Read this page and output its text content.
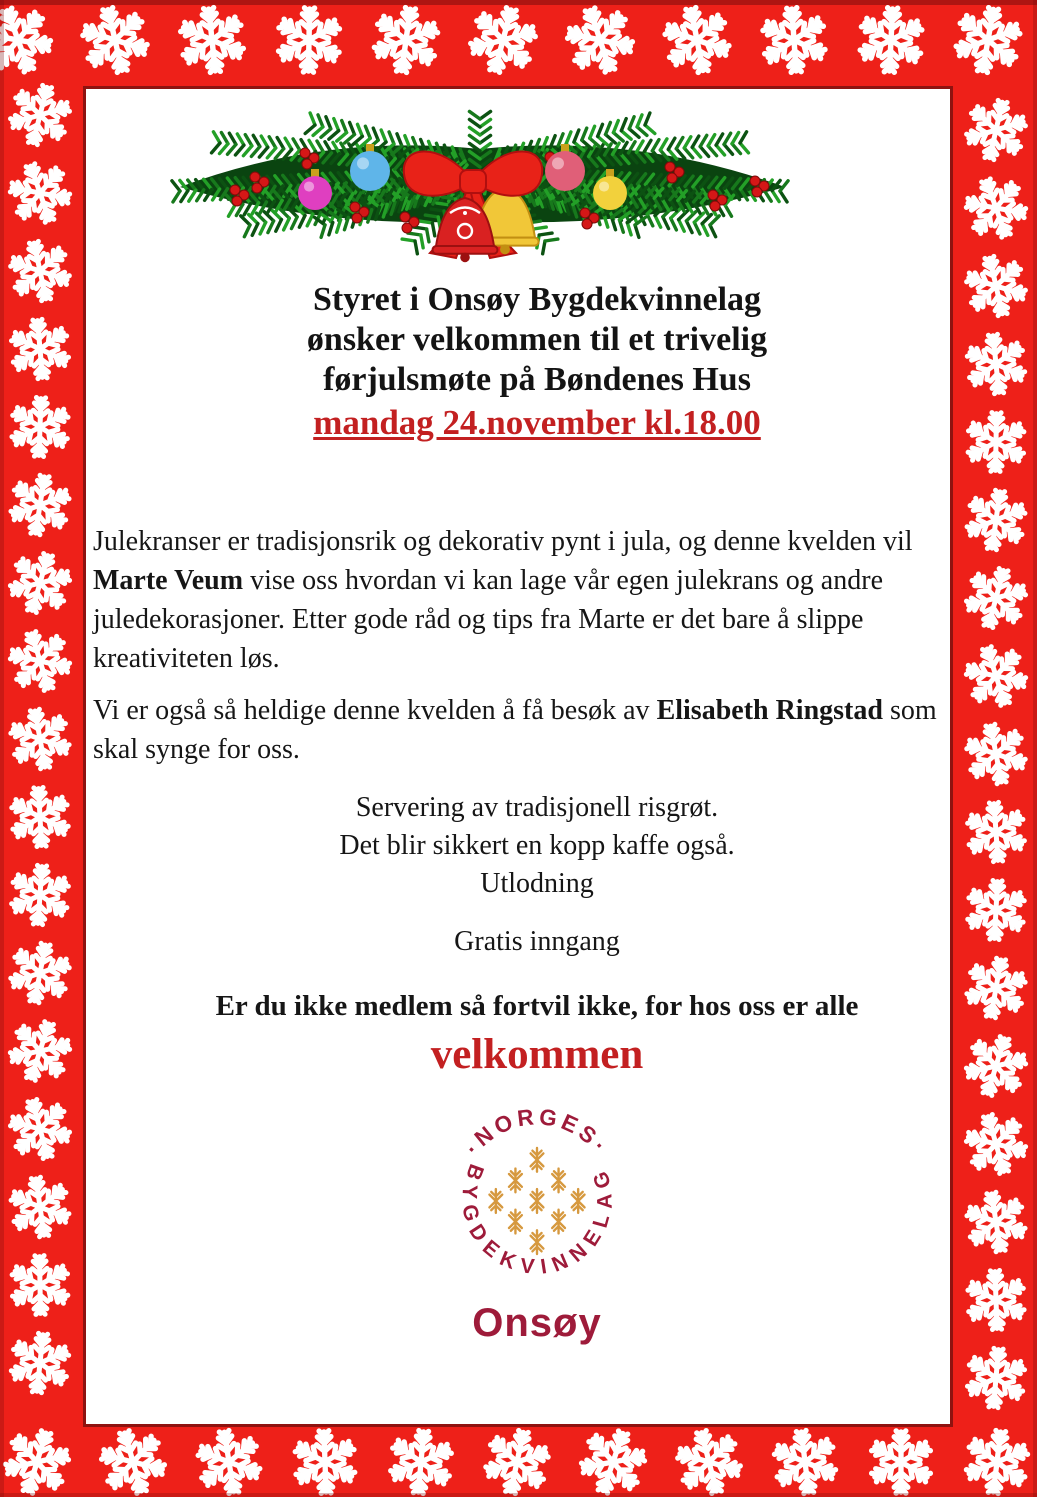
Styret i Onsøy Bygdekvinnelag
ønsker velkommen til et trivelig
førjulsmøte på Bøndenes Hus
mandag 24.november kl.18.00
Julekranser er tradisjonsrik og dekorativ pynt i jula, og denne kvelden vil Marte Veum vise oss hvordan vi kan lage vår egen julekrans og andre juledekorasjoner. Etter gode råd og tips fra Marte er det bare å slippe kreativiteten løs.
Vi er også så heldige denne kvelden å få besøk av Elisabeth Ringstad som skal synge for oss.
Servering av tradisjonell risgrøt.
Det blir sikkert en kopp kaffe også.
Utlodning
Gratis inngang
Er du ikke medlem så fortvil ikke, for hos oss er alle
velkommen
·NORGES·
BYGDEKVINNELAG
Onsøy
